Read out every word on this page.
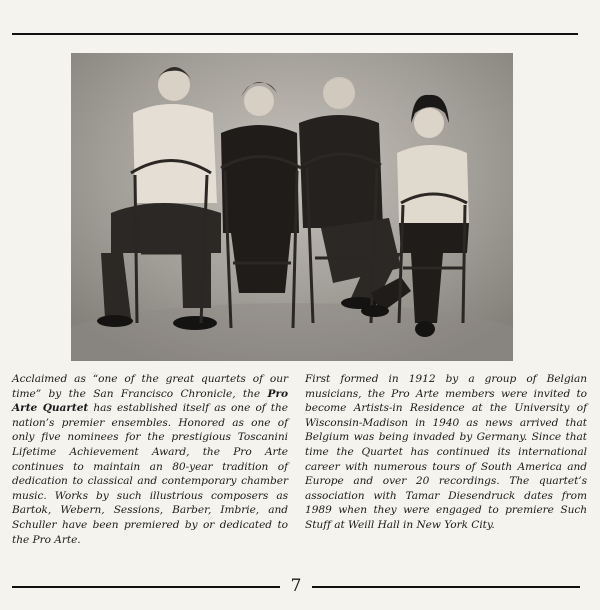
Acclaimed as “one of the great quartets of our time” by the San Francisco Chronicle, the Pro Arte Quartet has established itself as one of the nation’s premier ensembles. Honored as one of only five nominees for the prestigious Toscanini Lifetime Achievement Award, the Pro Arte continues to maintain an 80-year tradition of dedication to classical and contemporary chamber music. Works by such illustrious composers as Bartok, Webern, Sessions, Barber, Imbrie, and Schuller have been premiered by or dedicated to the Pro Arte.

First formed in 1912 by a group of Belgian musicians, the Pro Arte members were invited to become Artists-in Residence at the University of Wisconsin-Madison in 1940 as news arrived that Belgium was being invaded by Germany. Since that time the Quartet has continued its international career with numerous tours of South America and Europe and over 20 recordings. The quartet’s association with Tamar Diesendruck dates from 1989 when they were engaged to premiere Such Stuff at Weill Hall in New York City.

7
